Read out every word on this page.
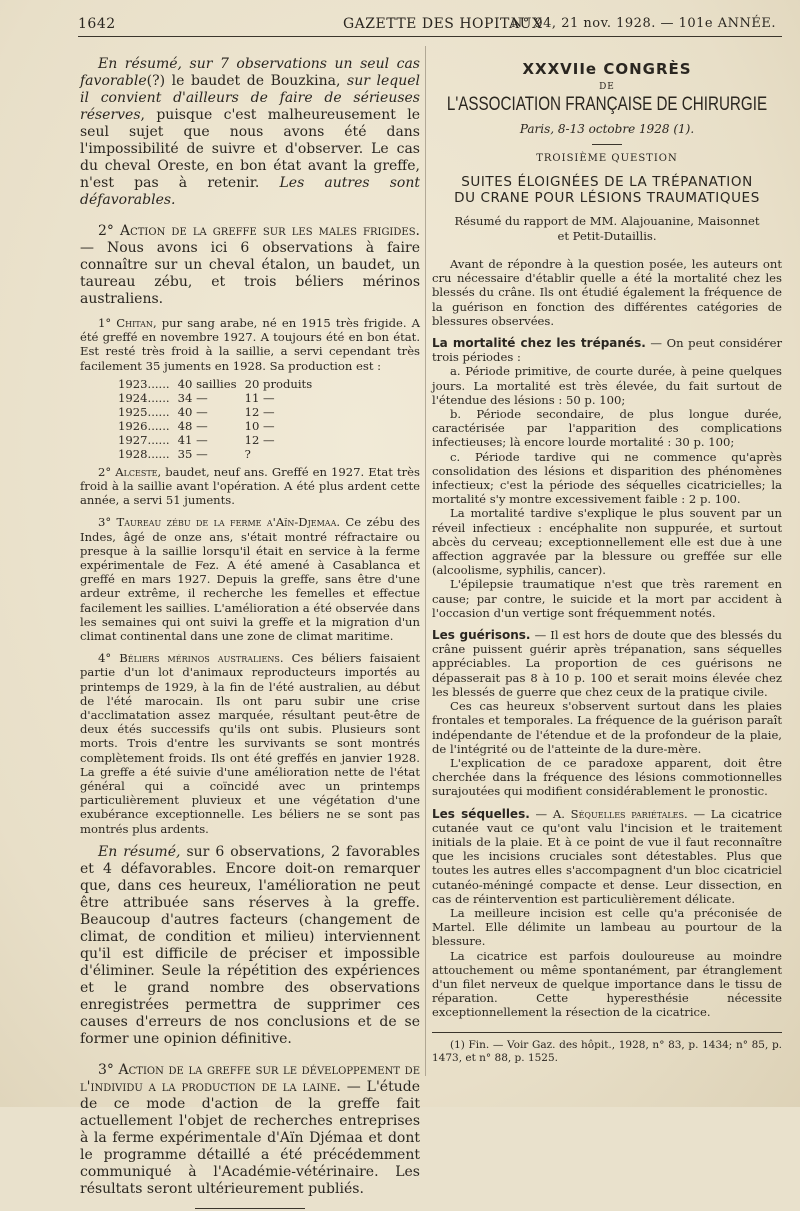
1642	GAZETTE DES HOPITAUX
N° 94, 21 nov. 1928. — 101e ANNÉE.

En résumé, sur 7 observations un seul cas favorable(?) le baudet de Bouzkina, sur lequel il convient d'ailleurs de faire de sérieuses réserves, puisque c'est malheureusement le seul sujet que nous avons été dans l'impossibilité de suivre et d'observer. Le cas du cheval Oreste, en bon état avant la greffe, n'est pas à retenir. Les autres sont défavorables.

2° Action de la greffe sur les males frigides. — Nous avons ici 6 observations à faire connaître sur un cheval étalon, un baudet, un taureau zébu, et trois béliers mérinos australiens.

1° Chitan, pur sang arabe, né en 1915 très frigide. A été greffé en novembre 1927. A toujours été en bon état. Est resté très froid à la saillie, a servi cependant très facilement 35 juments en 1928. Sa production est :

1923......	40 saillies	20 produits
1924......	34 —	11 —
1925......	40 —	12 —
1926......	48 —	10 —
1927......	41 —	12 —
1928......	35 —	?

2° Alceste, baudet, neuf ans. Greffé en 1927. Etat très froid à la saillie avant l'opération. A été plus ardent cette année, a servi 51 juments.

3° Taureau zébu de la ferme a'Aïn-Djemaa. Ce zébu des Indes, âgé de onze ans, s'était montré réfractaire ou presque à la saillie lorsqu'il était en service à la ferme expérimentale de Fez. A été amené à Casablanca et greffé en mars 1927. Depuis la greffe, sans être d'une ardeur extrême, il recherche les femelles et effectue facilement les saillies. L'amélioration a été observée dans les semaines qui ont suivi la greffe et la migration d'un climat continental dans une zone de climat maritime.

4° Béliers mérinos australiens. Ces béliers faisaient partie d'un lot d'animaux reproducteurs importés au printemps de 1929, à la fin de l'été australien, au début de l'été marocain. Ils ont paru subir une crise d'acclimatation assez marquée, résultant peut-être de deux étés successifs qu'ils ont subis. Plusieurs sont morts. Trois d'entre les survivants se sont montrés complètement froids. Ils ont été greffés en janvier 1928. La greffe a été suivie d'une amélioration nette de l'état général qui a coïncidé avec un printemps particulièrement pluvieux et une végétation d'une exubérance exceptionnelle. Les béliers ne se sont pas montrés plus ardents.

En résumé, sur 6 observations, 2 favorables et 4 défavorables. Encore doit-on remarquer que, dans ces heureux, l'amélioration ne peut être attribuée sans réserves à la greffe. Beaucoup d'autres facteurs (changement de climat, de condition et milieu) interviennent qu'il est difficile de préciser et impossible d'éliminer. Seule la répétition des expériences et le grand nombre des observations enregistrées permettra de supprimer ces causes d'erreurs de nos conclusions et de se former une opinion définitive.

3° Action de la greffe sur le développement de l'individu a la production de la laine. — L'étude de ce mode d'action de la greffe fait actuellement l'objet de recherches entreprises à la ferme expérimentale d'Aïn Djémaa et dont le programme détaillé a été précédemment communiqué à l'Académie-vétérinaire. Les résultats seront ultérieurement publiés.

XXXVIIe CONGRÈS
DE
L'ASSOCIATION FRANÇAISE DE CHIRURGIE
Paris, 8-13 octobre 1928 (1).
TROISIÈME QUESTION
SUITES ÉLOIGNÉES DE LA TRÉPANATION
DU CRANE POUR LÉSIONS TRAUMATIQUES
Résumé du rapport de MM. Alajouanine, Maisonnet
et Petit-Dutaillis.

Avant de répondre à la question posée, les auteurs ont cru nécessaire d'établir quelle a été la mortalité chez les blessés du crâne. Ils ont étudié également la fréquence de la guérison en fonction des différentes catégories de blessures observées.

La mortalité chez les trépanés. — On peut considérer trois périodes :

a. Période primitive, de courte durée, à peine quelques jours. La mortalité est très élevée, du fait surtout de l'étendue des lésions : 50 p. 100;

b. Période secondaire, de plus longue durée, caractérisée par l'apparition des complications infectieuses; là encore lourde mortalité : 30 p. 100;

c. Période tardive qui ne commence qu'après consolidation des lésions et disparition des phénomènes infectieux; c'est la période des séquelles cicatricielles; la mortalité s'y montre excessivement faible : 2 p. 100.

La mortalité tardive s'explique le plus souvent par un réveil infectieux : encéphalite non suppurée, et surtout abcès du cerveau; exceptionnellement elle est due à une affection aggravée par la blessure ou greffée sur elle (alcoolisme, syphilis, cancer).

L'épilepsie traumatique n'est que très rarement en cause; par contre, le suicide et la mort par accident à l'occasion d'un vertige sont fréquemment notés.

Les guérisons. — Il est hors de doute que des blessés du crâne puissent guérir après trépanation, sans séquelles appréciables. La proportion de ces guérisons ne dépasserait pas 8 à 10 p. 100 et serait moins élevée chez les blessés de guerre que chez ceux de la pratique civile.

Ces cas heureux s'observent surtout dans les plaies frontales et temporales. La fréquence de la guérison paraît indépendante de l'étendue et de la profondeur de la plaie, de l'intégrité ou de l'atteinte de la dure-mère.

L'explication de ce paradoxe apparent, doit être cherchée dans la fréquence des lésions commotionnelles surajoutées qui modifient considérablement le pronostic.

Les séquelles. — A. Séquelles pariétales. — La cicatrice cutanée vaut ce qu'ont valu l'incision et le traitement initials de la plaie. Et à ce point de vue il faut reconnaître que les incisions cruciales sont détestables. Plus que toutes les autres elles s'accompagnent d'un bloc cicatriciel cutanéo-méningé compacte et dense. Leur dissection, en cas de réintervention est particulièrement délicate.

La meilleure incision est celle qu'a préconisée de Martel. Elle délimite un lambeau au pourtour de la blessure.

La cicatrice est parfois douloureuse au moindre attouchement ou même spontanément, par étranglement d'un filet nerveux de quelque importance dans le tissu de réparation. Cette hyperesthésie nécessite exceptionnellement la résection de la cicatrice.

(1) Fin. — Voir Gaz. des hôpit., 1928, n° 83, p. 1434; n° 85, p. 1473, et n° 88, p. 1525.
